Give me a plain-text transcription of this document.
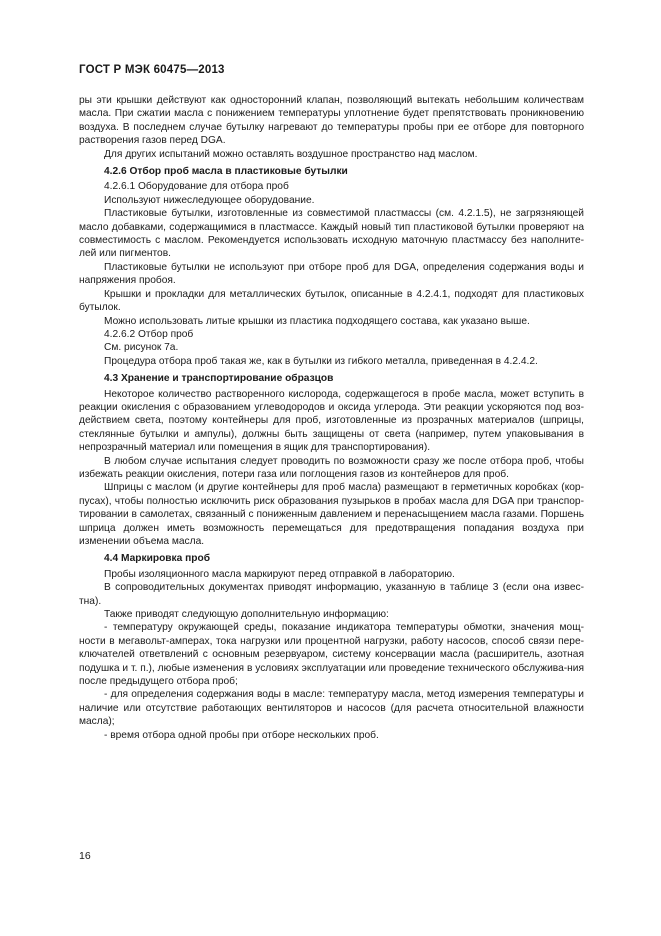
ГОСТ Р МЭК 60475—2013

ры эти крышки действуют как односторонний клапан, позволяющий вытекать небольшим количествам масла. При сжатии масла с понижением температуры уплотнение будет препятствовать проникновению воздуха. В последнем случае бутылку нагревают до температуры пробы при ее отборе для повторного растворения газов перед DGA.

Для других испытаний можно оставлять воздушное пространство над маслом.

4.2.6 Отбор проб масла в пластиковые бутылки

4.2.6.1 Оборудование для отбора проб

Используют нижеследующее оборудование.

Пластиковые бутылки, изготовленные из совместимой пластмассы (см. 4.2.1.5), не загрязняющей масло добавками, содержащимися в пластмассе. Каждый новый тип пластиковой бутылки проверяют на совместимость с маслом. Рекомендуется использовать исходную маточную пластмассу без наполните-лей или пигментов.

Пластиковые бутылки не используют при отборе проб для DGA, определения содержания воды и напряжения пробоя.

Крышки и прокладки для металлических бутылок, описанные в 4.2.4.1, подходят для пластиковых бутылок.

Можно использовать литые крышки из пластика подходящего состава, как указано выше.

4.2.6.2 Отбор проб

См. рисунок 7а.

Процедура отбора проб такая же, как в бутылки из гибкого металла, приведенная в 4.2.4.2.

4.3 Хранение и транспортирование образцов

Некоторое количество растворенного кислорода, содержащегося в пробе масла, может вступить в реакции окисления с образованием углеводородов и оксида углерода. Эти реакции ускоряются под воз-действием света, поэтому контейнеры для проб, изготовленные из прозрачных материалов (шприцы, стеклянные бутылки и ампулы), должны быть защищены от света (например, путем упаковывания в непрозрачный материал или помещения в ящик для транспортирования).

В любом случае испытания следует проводить по возможности сразу же после отбора проб, чтобы избежать реакции окисления, потери газа или поглощения газов из контейнеров для проб.

Шприцы с маслом (и другие контейнеры для проб масла) размещают в герметичных коробках (кор-пусах), чтобы полностью исключить риск образования пузырьков в пробах масла для DGA при транспор-тировании в самолетах, связанный с пониженным давлением и перенасыщением масла газами. Поршень шприца должен иметь возможность перемещаться для предотвращения попадания воздуха при изменении объема масла.

4.4 Маркировка проб

Пробы изоляционного масла маркируют перед отправкой в лабораторию.

В сопроводительных документах приводят информацию, указанную в таблице 3 (если она извес-тна).

Также приводят следующую дополнительную информацию:

- температуру окружающей среды, показание индикатора температуры обмотки, значения мощ-ности в мегавольт-амперах, тока нагрузки или процентной нагрузки, работу насосов, способ связи пере-ключателей ответвлений с основным резервуаром, систему консервации масла (расширитель, азотная подушка и т. п.), любые изменения в условиях эксплуатации или проведение технического обслужива-ния после предыдущего отбора проб;

- для определения содержания воды в масле: температуру масла, метод измерения температуры и наличие или отсутствие работающих вентиляторов и насосов (для расчета относительной влажности масла);

- время отбора одной пробы при отборе нескольких проб.

16
